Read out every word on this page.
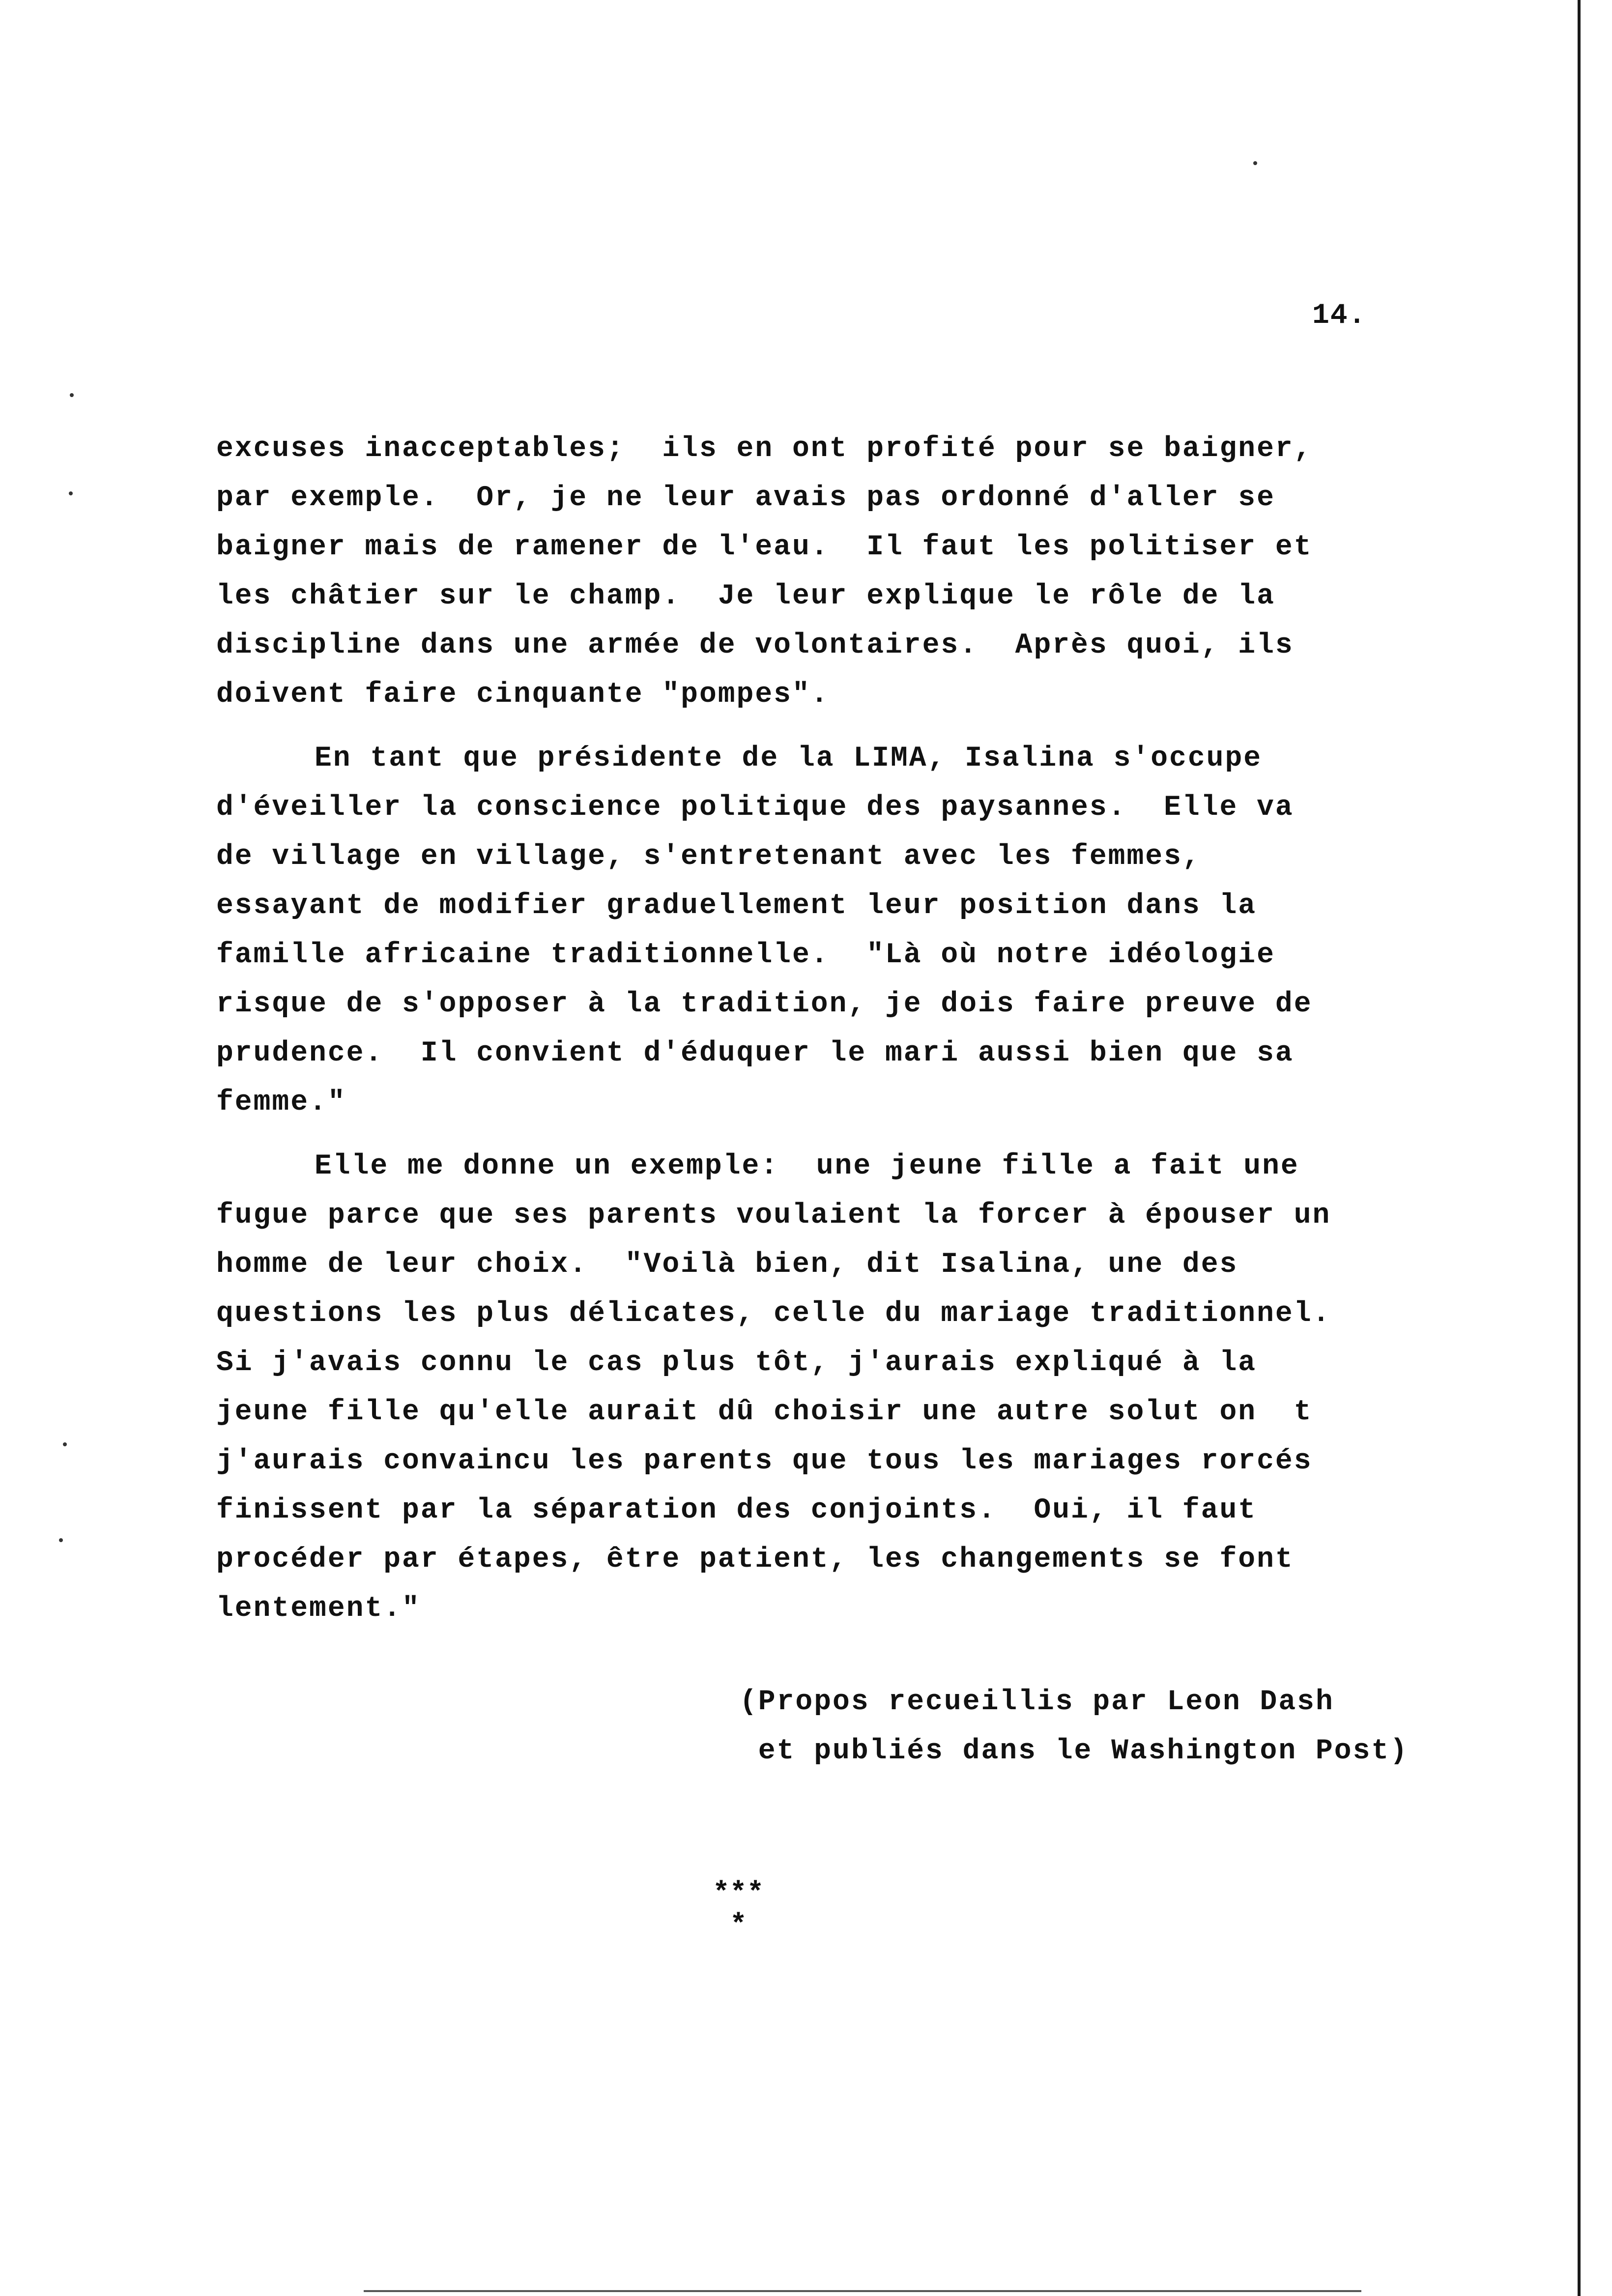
14.
excuses inacceptables;  ils en ont profité pour se baigner,
par exemple.  Or, je ne leur avais pas ordonné d'aller se
baigner mais de ramener de l'eau.  Il faut les politiser et
les châtier sur le champ.  Je leur explique le rôle de la
discipline dans une armée de volontaires.  Après quoi, ils
doivent faire cinquante "pompes".
En tant que présidente de la LIMA, Isalina s'occupe
d'éveiller la conscience politique des paysannes.  Elle va
de village en village, s'entretenant avec les femmes,
essayant de modifier graduellement leur position dans la
famille africaine traditionnelle.  "Là où notre idéologie
risque de s'opposer à la tradition, je dois faire preuve de
prudence.  Il convient d'éduquer le mari aussi bien que sa
femme."
Elle me donne un exemple:  une jeune fille a fait une
fugue parce que ses parents voulaient la forcer à épouser un
homme de leur choix.  "Voilà bien, dit Isalina, une des
questions les plus délicates, celle du mariage traditionnel.
Si j'avais connu le cas plus tôt, j'aurais expliqué à la
jeune fille qu'elle aurait dû choisir une autre solut on  t
j'aurais convaincu les parents que tous les mariages rorcés
finissent par la séparation des conjoints.  Oui, il faut
procéder par étapes, être patient, les changements se font
lentement."
(Propos recueillis par Leon Dash
et publiés dans le Washington Post)
***
*
